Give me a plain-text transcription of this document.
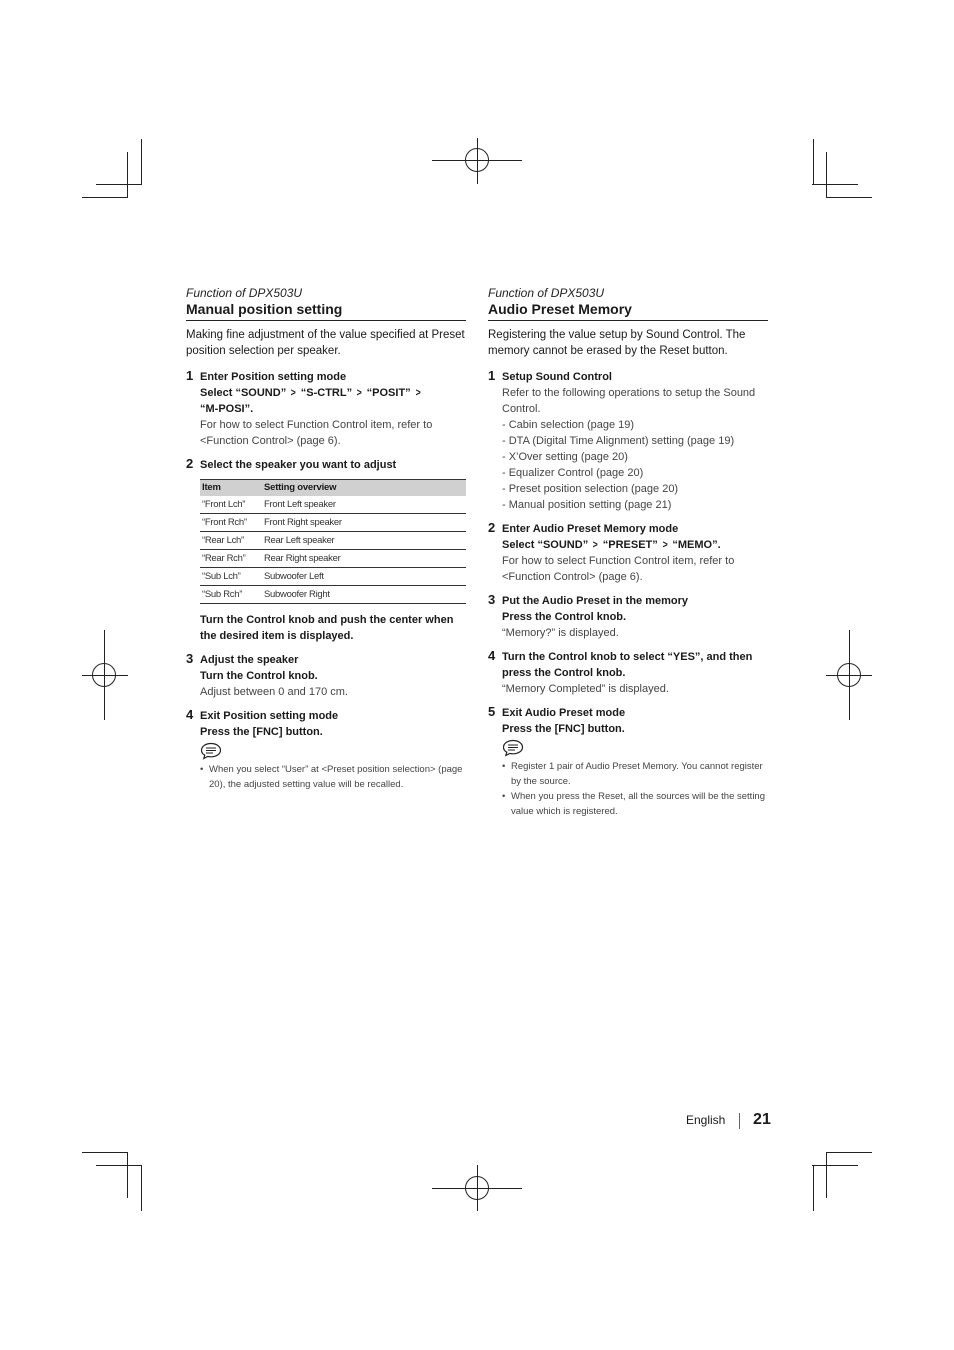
Function of DPX503U
Manual position setting

Making fine adjustment of the value specified at Preset position selection per speaker.

1 Enter Position setting mode
Select “SOUND” > “S-CTRL” > “POSIT” >
“M-POSI”.
For how to select Function Control item, refer to <Function Control> (page 6).
2 Select the speaker you want to adjust
Item	Setting overview
“Front Lch”	Front Left speaker
“Front Rch”	Front Right speaker
“Rear Lch”	Rear Left speaker
“Rear Rch”	Rear Right speaker
“Sub Lch”	Subwoofer Left
“Sub Rch”	Subwoofer Right
Turn the Control knob and push the center when the desired item is displayed.
3 Adjust the speaker
Turn the Control knob.
Adjust between 0 and 170 cm.
4 Exit Position setting mode
Press the [FNC] button.
• When you select “User” at <Preset position selection> (page 20), the adjusted setting value will be recalled.
Function of DPX503U
Audio Preset Memory

Registering the value setup by Sound Control. The memory cannot be erased by the Reset button.

1 Setup Sound Control
Refer to the following operations to setup the Sound Control.
- Cabin selection (page 19)
- DTA (Digital Time Alignment) setting (page 19)
- X’Over setting (page 20)
- Equalizer Control (page 20)
- Preset position selection (page 20)
- Manual position setting (page 21)
2 Enter Audio Preset Memory mode
Select “SOUND” > “PRESET” > “MEMO”.
For how to select Function Control item, refer to <Function Control> (page 6).
3 Put the Audio Preset in the memory
Press the Control knob.
“Memory?” is displayed.
4 Turn the Control knob to select “YES”, and then press the Control knob.
“Memory Completed” is displayed.
5 Exit Audio Preset mode
Press the [FNC] button.
• Register 1 pair of Audio Preset Memory. You cannot register by the source.
• When you press the Reset, all the sources will be the setting value which is registered.
English 21
